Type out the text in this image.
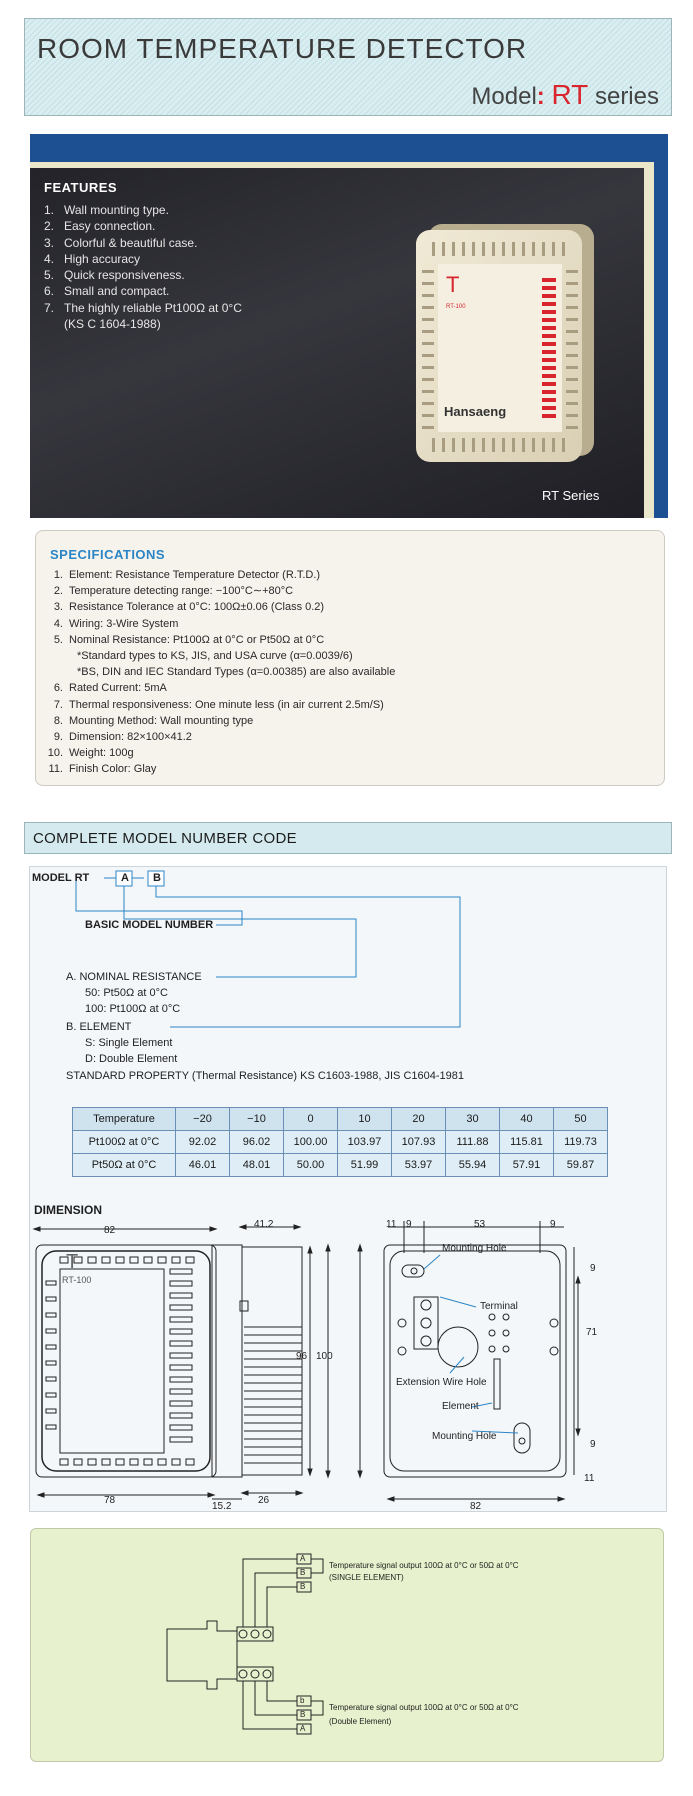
ROOM TEMPERATURE DETECTOR
Model: RT series
FEATURES
1. Wall mounting type.
2. Easy connection.
3. Colorful & beautiful case.
4. High accuracy
5. Quick responsiveness.
6. Small and compact.
7. The highly reliable Pt100Ω at 0°C
(KS C 1604-1988)
T
RT-100
Hansaeng
RT Series
SPECIFICATIONS
1. Element: Resistance Temperature Detector (R.T.D.)
2. Temperature detecting range: −100°C∼+80°C
3. Resistance Tolerance at 0°C: 100Ω±0.06 (Class 0.2)
4. Wiring: 3-Wire System
5. Nominal Resistance: Pt100Ω at 0°C or Pt50Ω at 0°C
*Standard types to KS, JIS, and USA curve (α=0.0039/6)
*BS, DIN and IEC Standard Types (α=0.00385) are also available
6. Rated Current: 5mA
7. Thermal responsiveness: One minute less (in air current 2.5m/S)
8. Mounting Method: Wall mounting type
9. Dimension: 82×100×41.2
10. Weight: 100g
11. Finish Color: Glay
COMPLETE MODEL NUMBER CODE
MODEL RT	A B
BASIC MODEL NUMBER
A. NOMINAL RESISTANCE
50: Pt50Ω at 0°C
100: Pt100Ω at 0°C
B. ELEMENT
S: Single Element
D: Double Element
STANDARD PROPERTY (Thermal Resistance) KS C1603-1988, JIS C1604-1981
Temperature	−20	−10	0	10	20	30	40	50
Pt100Ω at 0°C	92.02	96.02	100.00	103.97	107.93	111.88	115.81	119.73
Pt50Ω at 0°C	46.01	48.01	50.00	51.99	53.97	55.94	57.91	59.87
DIMENSION
82
78
T
RT-100
41.2
96 100
15.2
26
11 9	53	9
9
71
9
11
82
Mounting Hole
Terminal
Extension Wire Hole
Element
Mounting Hole
A
B
B
b
B
A
Temperature signal output 100Ω at 0°C or 50Ω at 0°C
(SINGLE ELEMENT)
Temperature signal output 100Ω at 0°C or 50Ω at 0°C
(Double Element)
